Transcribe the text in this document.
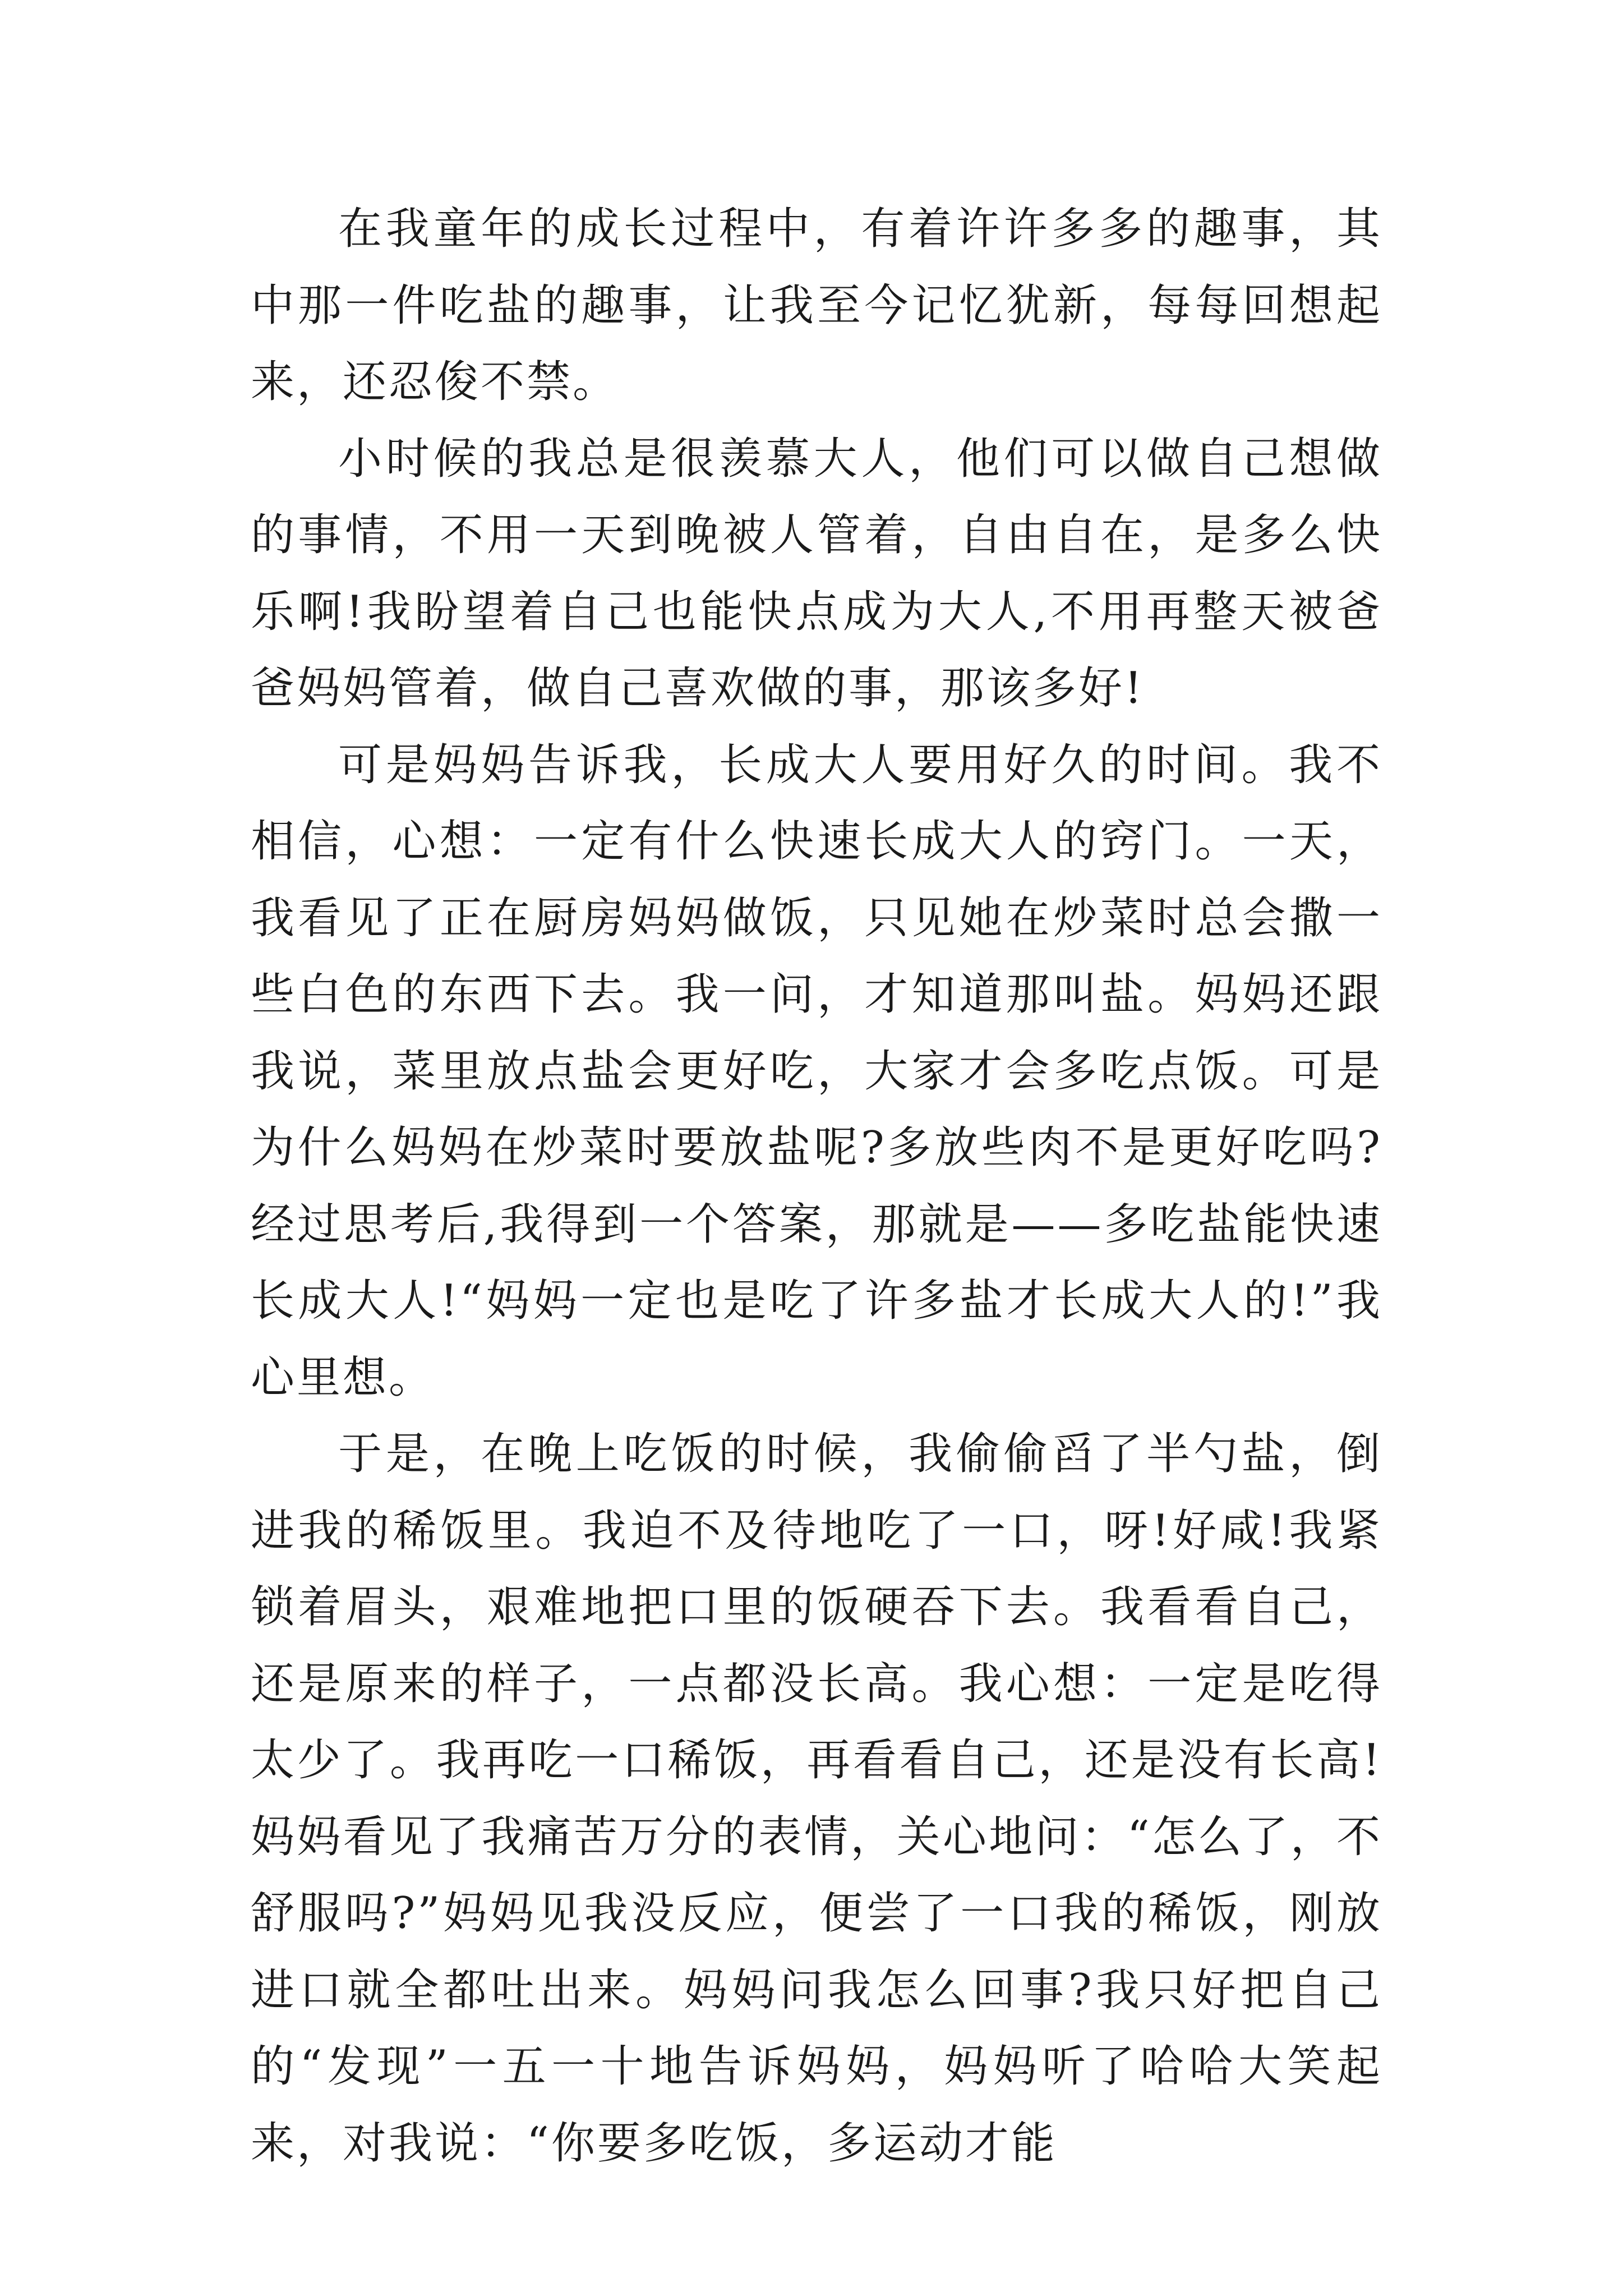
在我童年的成长过程中，有着许许多多的趣事，其中那一件吃盐的趣事，让我至今记忆犹新，每每回想起来，还忍俊不禁。

小时候的我总是很羡慕大人，他们可以做自己想做的事情，不用一天到晚被人管着，自由自在，是多么快乐啊!我盼望着自己也能快点成为大人,不用再整天被爸爸妈妈管着，做自己喜欢做的事，那该多好!

可是妈妈告诉我，长成大人要用好久的时间。我不相信，心想：一定有什么快速长成大人的窍门。一天，我看见了正在厨房妈妈做饭，只见她在炒菜时总会撒一些白色的东西下去。我一问，才知道那叫盐。妈妈还跟我说，菜里放点盐会更好吃，大家才会多吃点饭。可是为什么妈妈在炒菜时要放盐呢?多放些肉不是更好吃吗?经过思考后,我得到一个答案，那就是——多吃盐能快速长成大人!“妈妈一定也是吃了许多盐才长成大人的!”我心里想。

于是，在晚上吃饭的时候，我偷偷舀了半勺盐，倒进我的稀饭里。我迫不及待地吃了一口，呀!好咸!我紧锁着眉头，艰难地把口里的饭硬吞下去。我看看自己，还是原来的样子，一点都没长高。我心想：一定是吃得太少了。我再吃一口稀饭，再看看自己，还是没有长高!妈妈看见了我痛苦万分的表情，关心地问：“怎么了，不舒服吗?”妈妈见我没反应，便尝了一口我的稀饭，刚放进口就全都吐出来。妈妈问我怎么回事?我只好把自己的“发现”一五一十地告诉妈妈，妈妈听了哈哈大笑起来，对我说：“你要多吃饭，多运动才能
